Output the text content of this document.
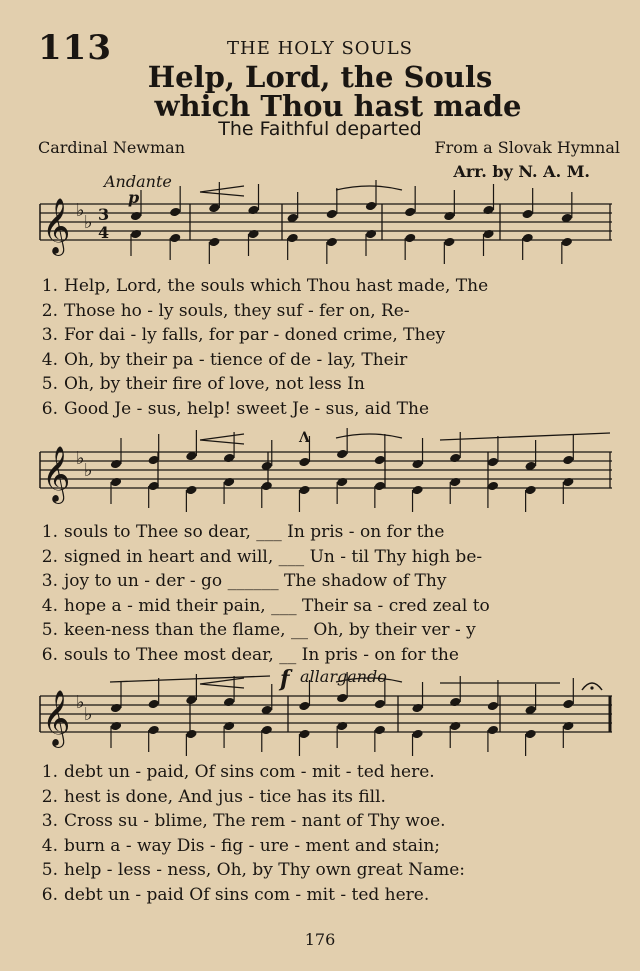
113	THE HOLY SOULS
Help, Lord, the Souls
which Thou hast made
The Faithful departed
Cardinal Newman	From a Slovak Hymnal
Arr. by N. A. M.
Andante
p
f allargando
Λ
𝄞 ♭
♭ 3
4
𝄞 ♭
♭
𝄞 ♭
♭
1. Help, Lord, the souls which Thou hast made, The
2. Those ho - ly souls, they suf - fer on, Re-
3. For dai - ly falls, for par - doned crime, They
4. Oh, by their pa - tience of de - lay, Their
5. Oh, by their fire of love, not less In
6. Good Je - sus, help! sweet Je - sus, aid The
1. souls to Thee so dear, ___ In pris - on for the
2. signed in heart and will, ___ Un - til Thy high be-
3. joy to un - der - go ______ The shadow of Thy
4. hope a - mid their pain, ___ Their sa - cred zeal to
5. keen-ness than the flame, __ Oh, by their ver - y
6. souls to Thee most dear, __ In pris - on for the
1. debt un - paid, Of sins com - mit - ted here.
2. hest is done, And jus - tice has its fill.
3. Cross su - blime, The rem - nant of Thy woe.
4. burn a - way Dis - fig - ure - ment and stain;
5. help - less - ness, Oh, by Thy own great Name:
6. debt un - paid Of sins com - mit - ted here.
176
